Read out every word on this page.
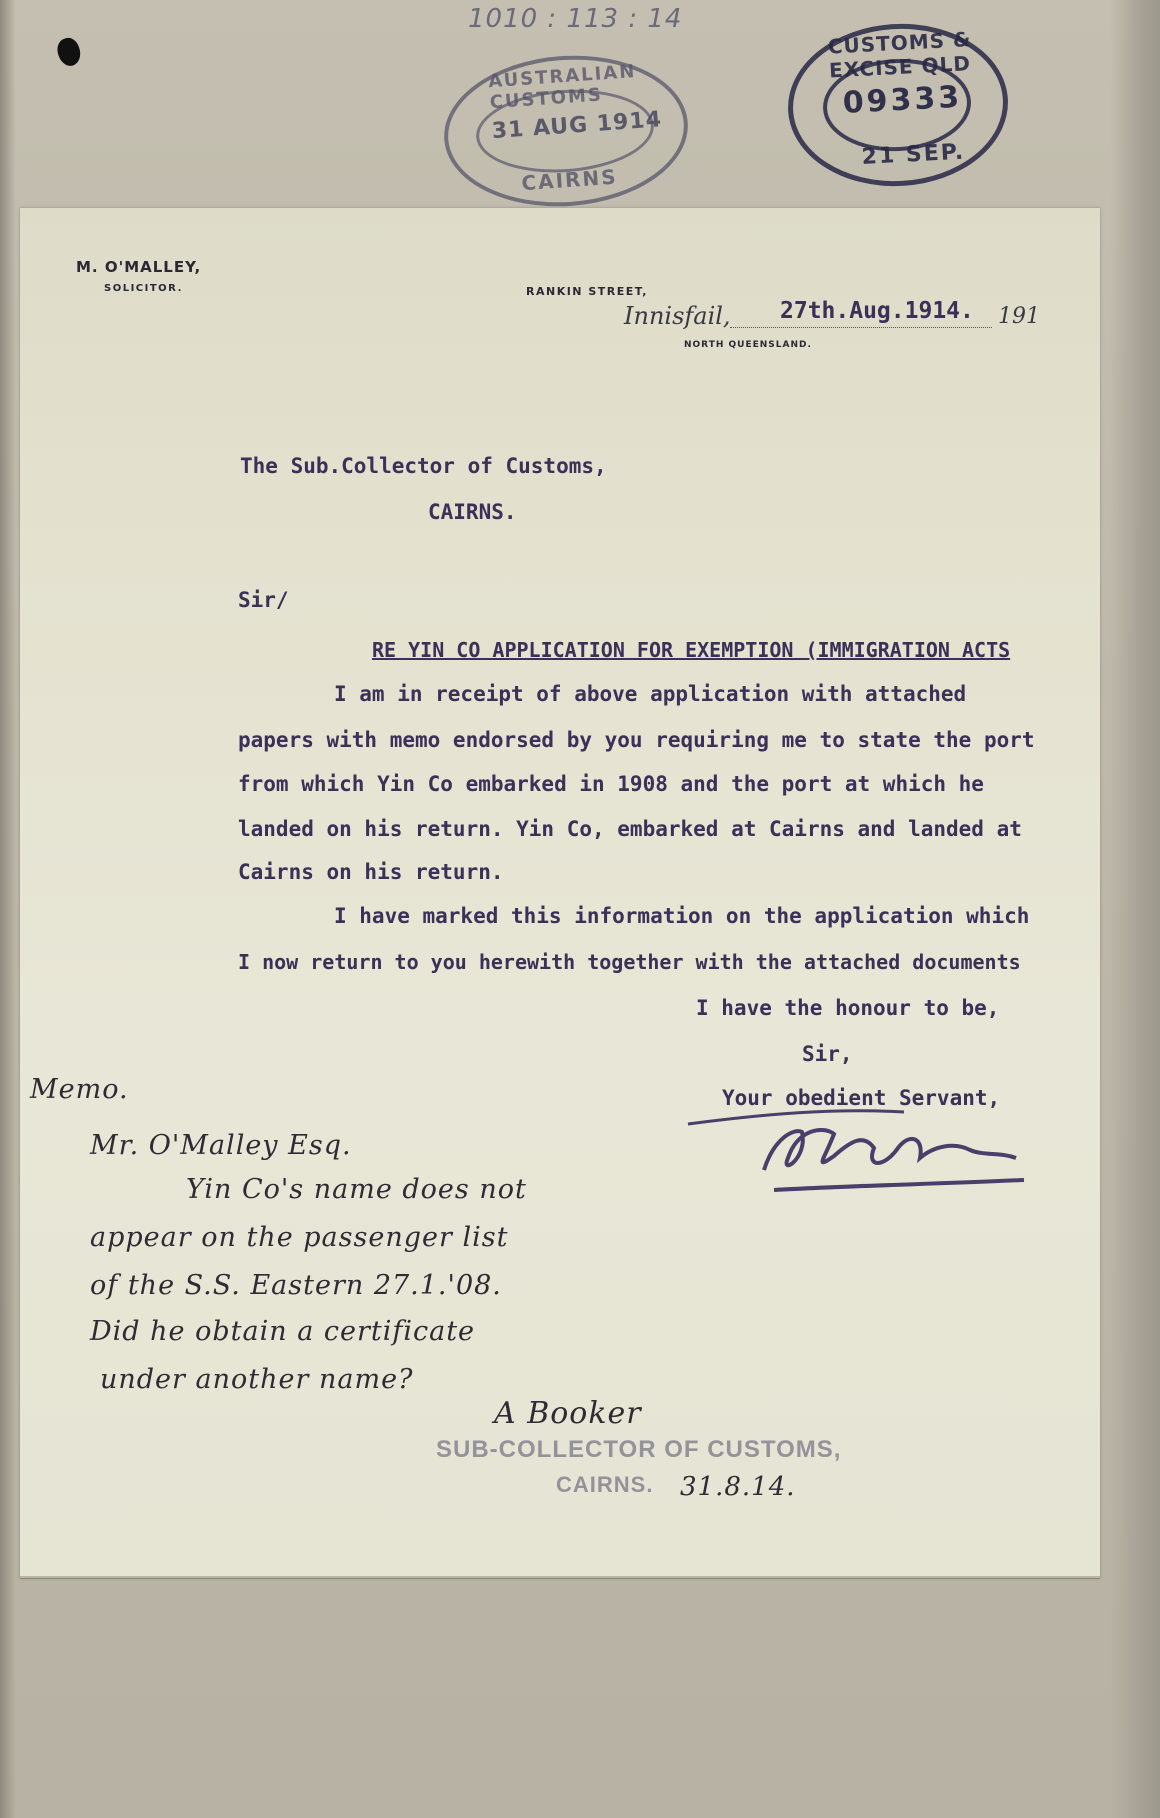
1010 : 113 : 14
AUSTRALIAN CUSTOMS
31 AUG 1914
CAIRNS
CUSTOMS & EXCISE QLD
09333
21 SEP.
M. O'MALLEY,
SOLICITOR.	RANKIN STREET,
Innisfail, 27th.Aug.1914. 191
NORTH QUEENSLAND.
The Sub.Collector of Customs,
CAIRNS.
Sir/
RE YIN CO APPLICATION FOR EXEMPTION (IMMIGRATION ACTS
I am in receipt of above application with attached
papers with memo endorsed by you requiring me to state the port
from which Yin Co embarked in 1908 and the port at which he
landed on his return. Yin Co, embarked at Cairns and landed at
Cairns on his return.
I have marked this information on the application which
I now return to you herewith together with the attached documents
I have the honour to be,
Sir,
Your obedient Servant,
Memo.
Mr. O'Malley Esq.
Yin Co's name does not
appear on the passenger list
of the S.S. Eastern 27.1.'08.
Did he obtain a certificate
under another name?
A Booker
SUB-COLLECTOR OF CUSTOMS,
CAIRNS. 31.8.14.
